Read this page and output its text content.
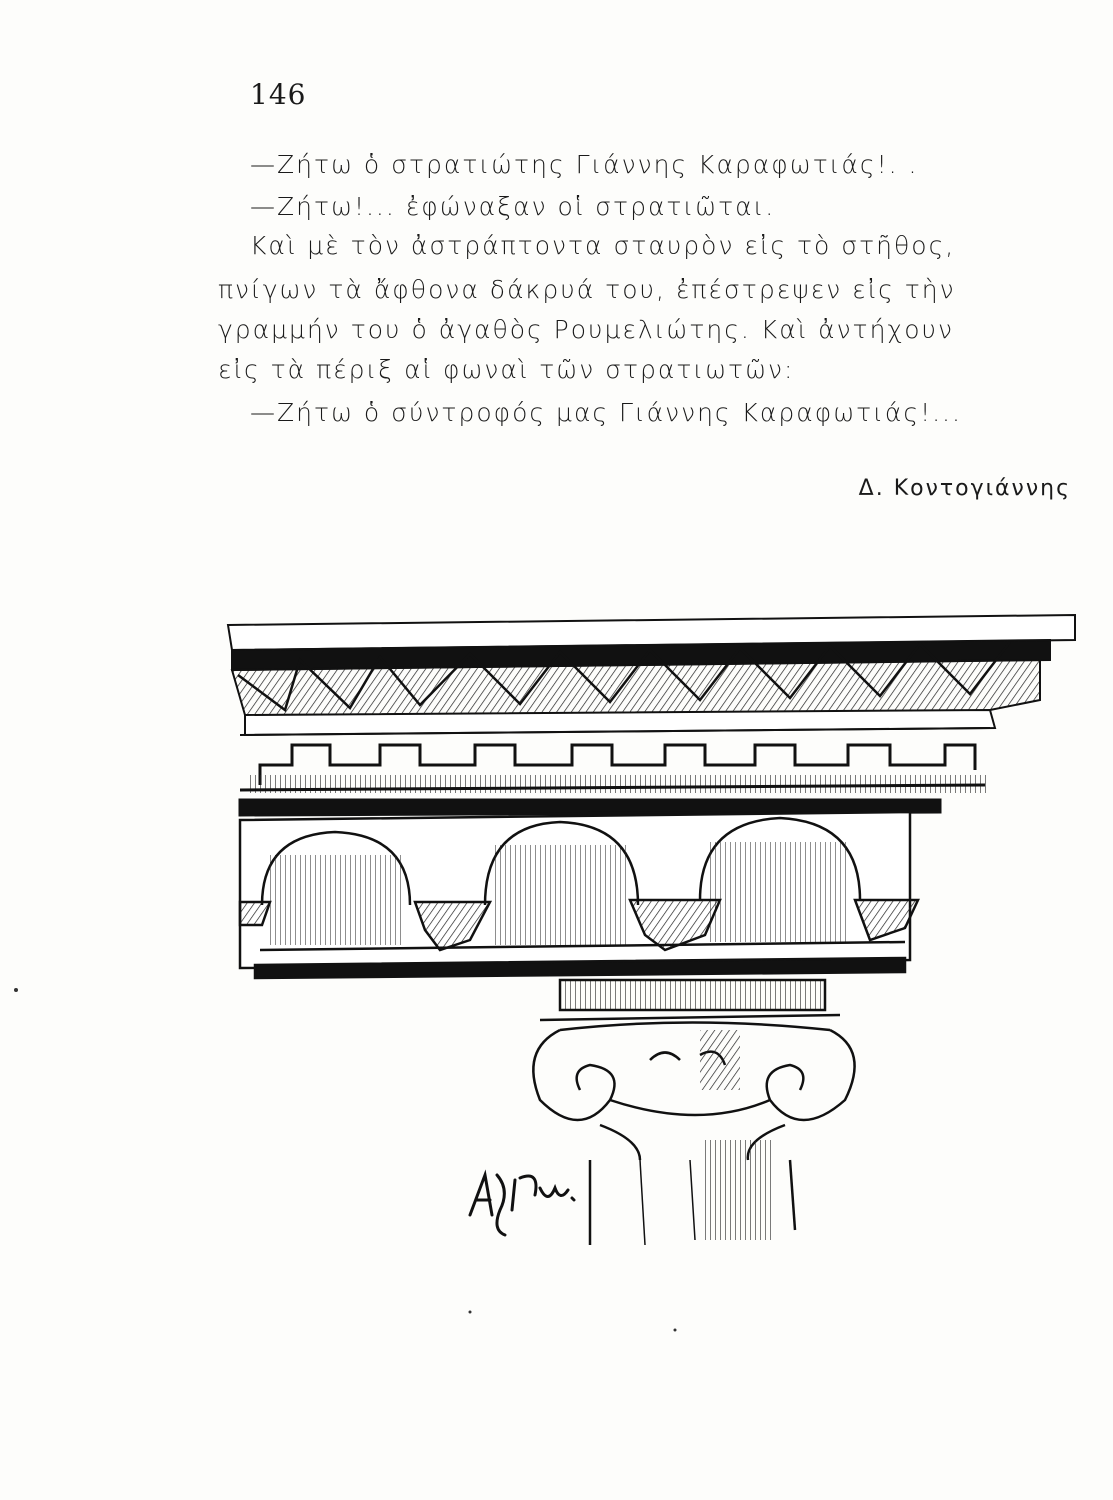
146
—Ζήτω ὁ στρατιώτης Γιάννης Καραφωτιάς!. .
—Ζήτω!... ἐφώναξαν οἱ στρατιῶται.
Καὶ μὲ τὸν ἀστράπτοντα σταυρὸν εἰς τὸ στῆθος,
πνίγων τὰ ἄφθονα δάκρυά του, ἐπέστρεψεν εἰς τὴν
γραμμήν του ὁ ἀγαθὸς Ρουμελιώτης. Καὶ ἀντήχουν
εἰς τὰ πέριξ αἱ φωναὶ τῶν στρατιωτῶν:
—Ζήτω ὁ σύντροφός μας Γιάννης Καραφωτιάς!...
Δ. Κοντογιάννης
